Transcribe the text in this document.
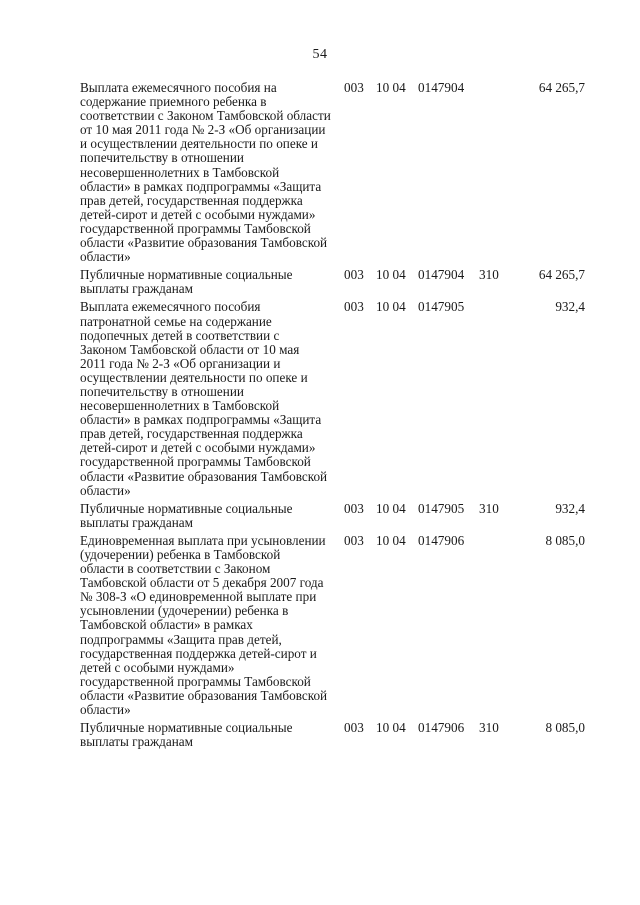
54
Выплата ежемесячного пособия на
содержание приемного ребенка в
соответствии с Законом Тамбовской области
от 10 мая 2011 года № 2-З «Об организации
и осуществлении деятельности по опеке и
попечительству в отношении
несовершеннолетних в Тамбовской
области» в рамках подпрограммы «Защита
прав детей, государственная поддержка
детей-сирот и детей с особыми нуждами»
государственной программы Тамбовской
области «Развитие образования Тамбовской
области»
003 10 04 0147904	64 265,7
Публичные нормативные социальные
выплаты гражданам
003 10 04 0147904 310	64 265,7
Выплата ежемесячного пособия
патронатной семье на содержание
подопечных детей в соответствии с
Законом Тамбовской области от 10 мая
2011 года № 2-З «Об организации и
осуществлении деятельности по опеке и
попечительству в отношении
несовершеннолетних в Тамбовской
области» в рамках подпрограммы «Защита
прав детей, государственная поддержка
детей-сирот и детей с особыми нуждами»
государственной программы Тамбовской
области «Развитие образования Тамбовской
области»
003 10 04 0147905	932,4
Публичные нормативные социальные
выплаты гражданам
003 10 04 0147905 310	932,4
Единовременная выплата при усыновлении
(удочерении) ребенка в Тамбовской
области в соответствии с Законом
Тамбовской области от 5 декабря 2007 года
№ 308-З «О единовременной выплате при
усыновлении (удочерении) ребенка в
Тамбовской области» в рамках
подпрограммы «Защита прав детей,
государственная поддержка детей-сирот и
детей с особыми нуждами»
государственной программы Тамбовской
области «Развитие образования Тамбовской
области»
003 10 04 0147906	8 085,0
Публичные нормативные социальные
выплаты гражданам
003 10 04 0147906 310	8 085,0
